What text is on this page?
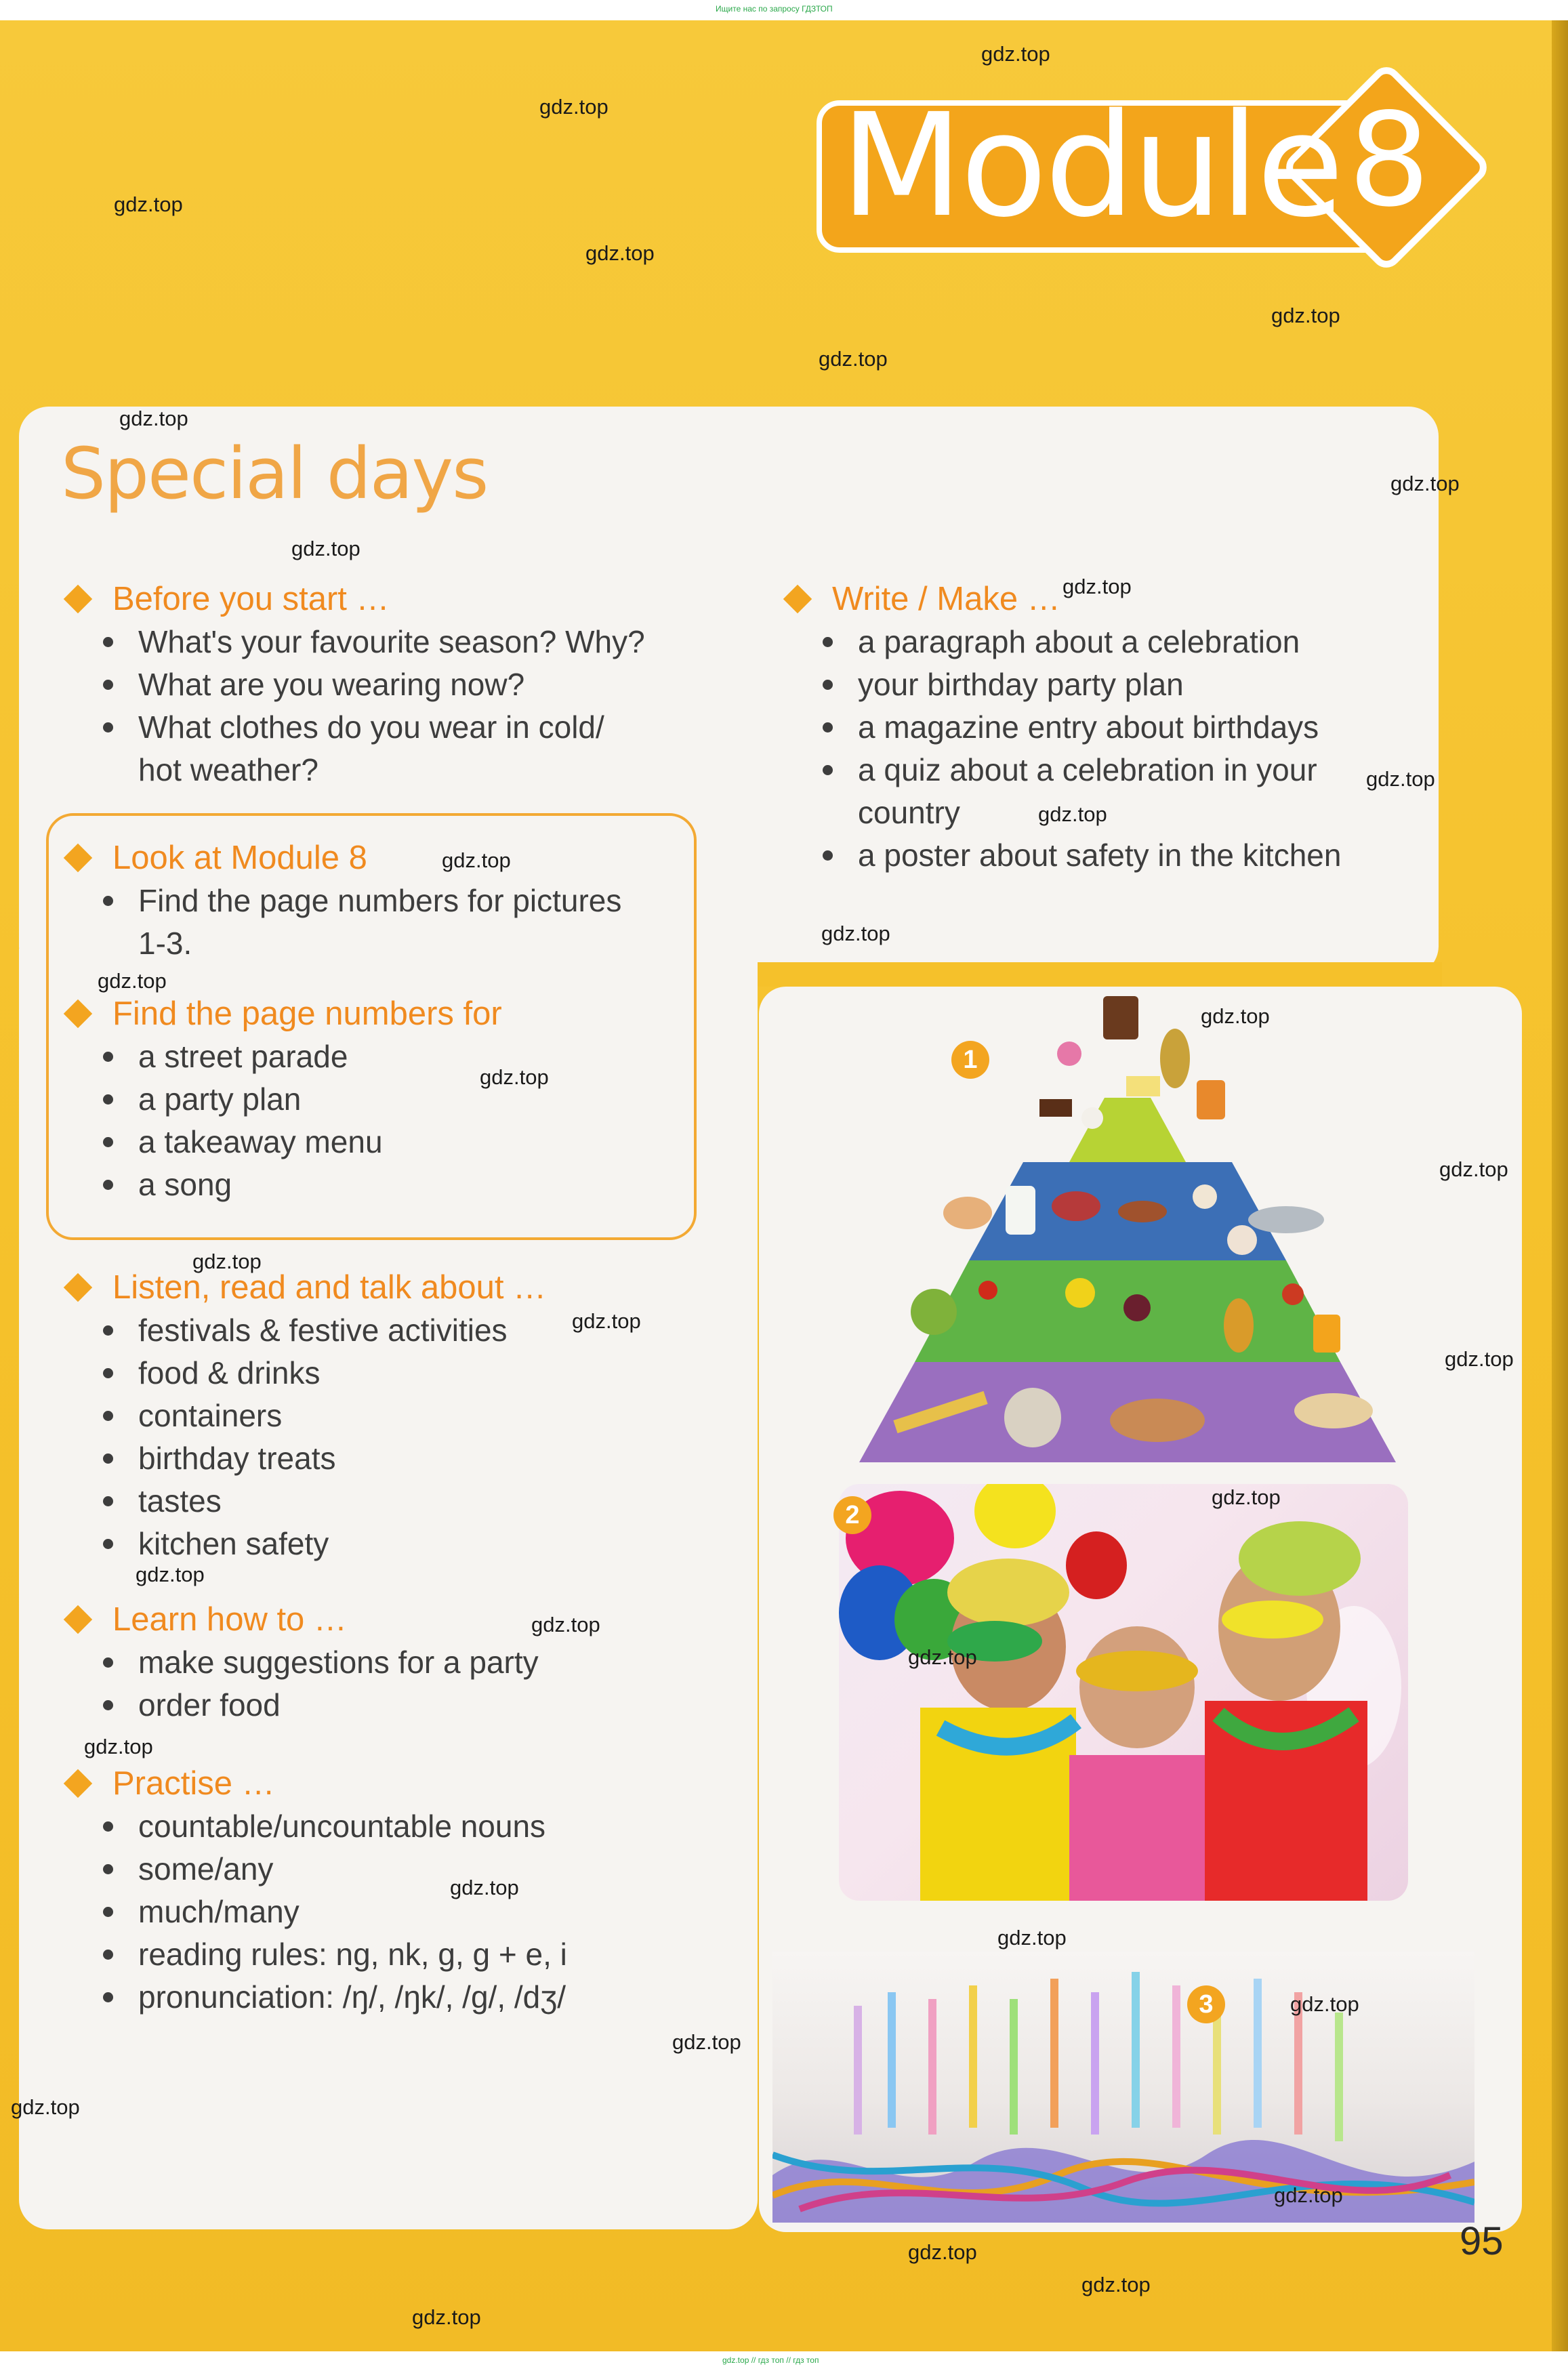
Ищите нас по запросу ГДЗТОП
gdz.top // гдз топ // гдз топ
Module 8
Special days
Before you start …
What's your favourite season? Why?
What are you wearing now?
What clothes do you wear in cold/
hot weather?
Look at Module 8
Find the page numbers for pictures
1-3.
Find the page numbers for
a street parade
a party plan
a takeaway menu
a song
Listen, read and talk about …
festivals & festive activities
food & drinks
containers
birthday treats
tastes
kitchen safety
Learn how to …
make suggestions for a party
order food
Practise …
countable/uncountable nouns
some/any
much/many
reading rules: ng, nk, g, g + e, i
pronunciation: /ŋ/, /ŋk/, /g/, /dʒ/
Write / Make …
a paragraph about a celebration
your birthday party plan
a magazine entry about birthdays
a quiz about a celebration in your
country
a poster about safety in the kitchen
1
2
3
95
gdz.top
gdz.top
gdz.top
gdz.top
gdz.top
gdz.top
gdz.top
gdz.top
gdz.top
gdz.top
gdz.top
gdz.top
gdz.top
gdz.top
gdz.top
gdz.top
gdz.top
gdz.top
gdz.top
gdz.top
gdz.top
gdz.top
gdz.top
gdz.top
gdz.top
gdz.top
gdz.top
gdz.top
gdz.top
gdz.top
gdz.top
gdz.top
gdz.top
gdz.top
gdz.top
